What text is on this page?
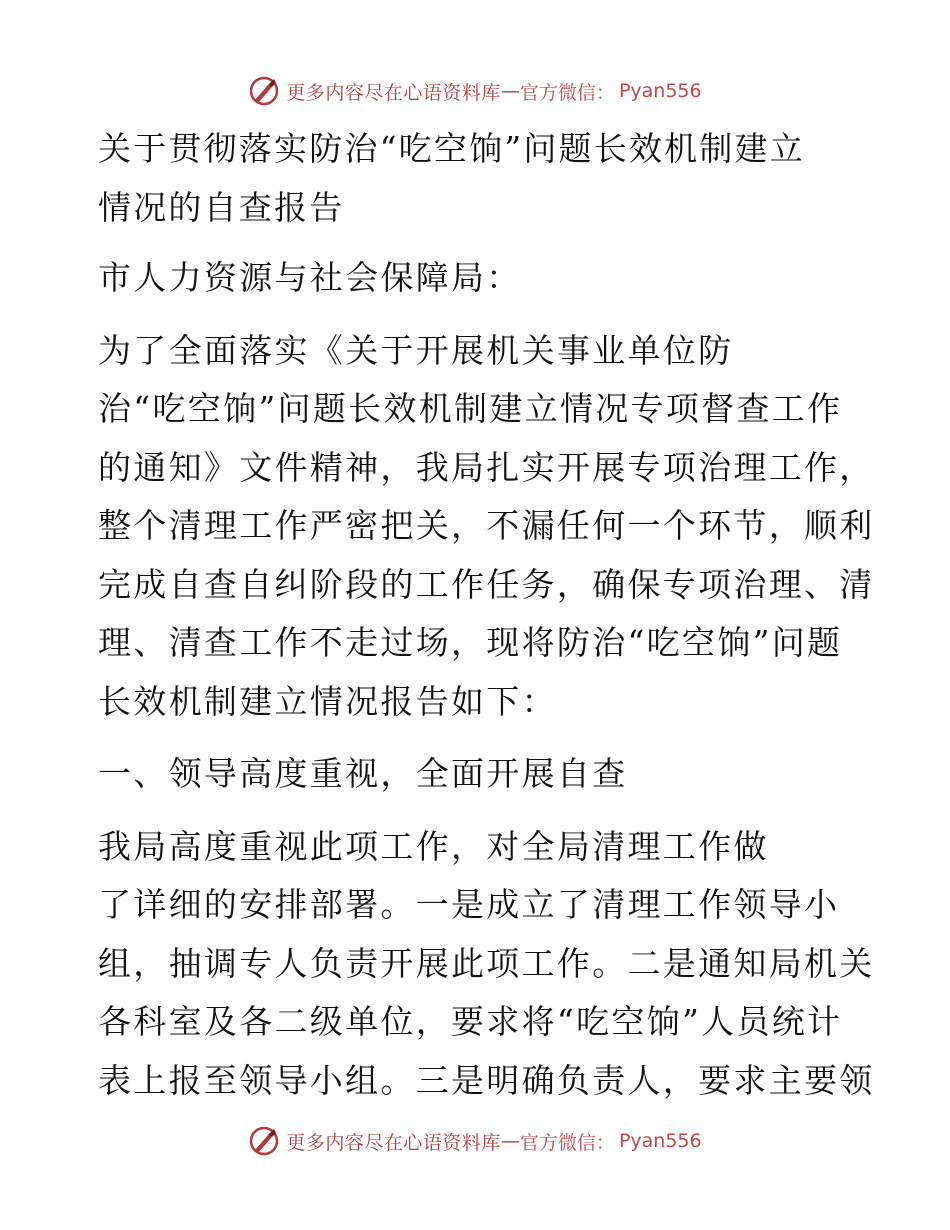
更多内容尽在心语资料库 — 官方微信： Pyan556
关于贯彻落实防治“吃空饷”问题长效机制建立
情况的自查报告
市人力资源与社会保障局：
为了全面落实《关于开展机关事业单位防
治“吃空饷”问题长效机制建立情况专项督查工作
的通知》文件精神，我局扎实开展专项治理工作，
整个清理工作严密把关，不漏任何一个环节，顺利
完成自查自纠阶段的工作任务，确保专项治理、清
理、清查工作不走过场，现将防治“吃空饷”问题
长效机制建立情况报告如下：
一、领导高度重视，全面开展自查
我局高度重视此项工作，对全局清理工作做
了详细的安排部署。一是成立了清理工作领导小
组，抽调专人负责开展此项工作。二是通知局机关
各科室及各二级单位，要求将“吃空饷”人员统计
表上报至领导小组。三是明确负责人，要求主要领
更多内容尽在心语资料库 — 官方微信： Pyan556
